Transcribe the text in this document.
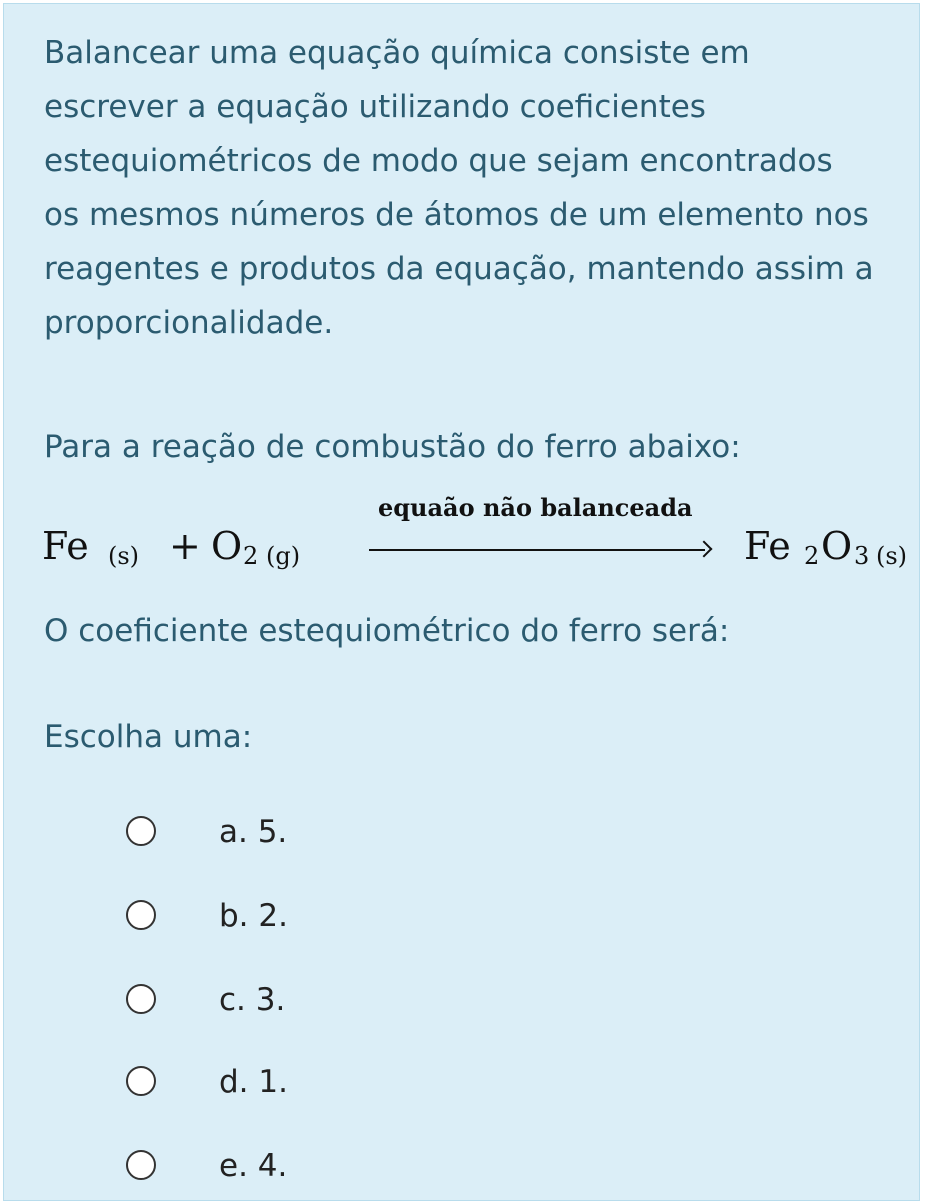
Balancear uma equação química consiste em escrever a equação utilizando coeficientes estequiométricos de modo que sejam encontrados os mesmos números de átomos de um elemento nos reagentes e produtos da equação, mantendo assim a proporcionalidade.

Para a reação de combustão do ferro abaixo:

Fe (s) + O 2 (g)
equaão não balanceada
Fe 2 O 3 (s)

O coeficiente estequiométrico do ferro será:

Escolha uma:

a. 5.
b. 2.
c. 3.
d. 1.
e. 4.
